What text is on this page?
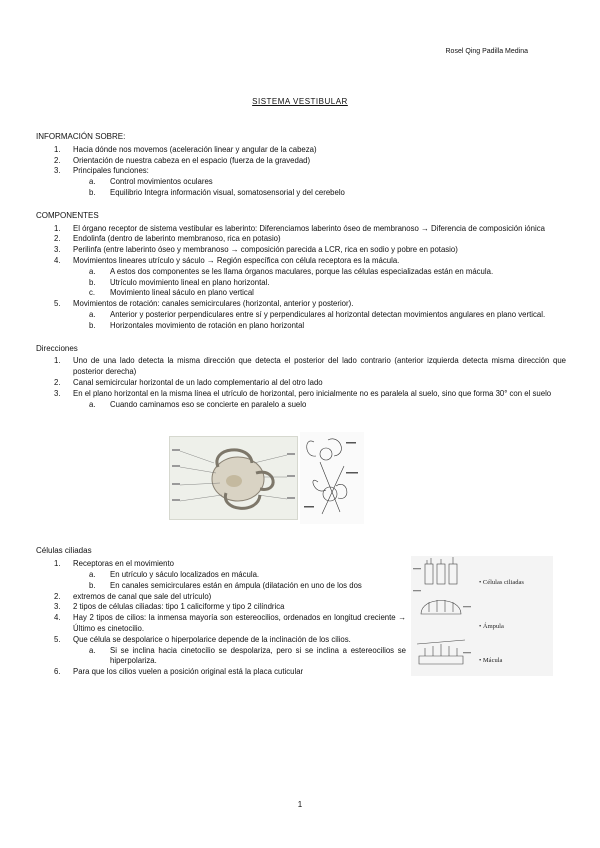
Rosel Qing Padilla Medina
SISTEMA VESTIBULAR
INFORMACIÓN SOBRE:
1. Hacia dónde nos movemos (aceleración linear y angular de la cabeza)
2. Orientación de nuestra cabeza en el espacio (fuerza de la gravedad)
3. Principales funciones:
a. Control movimientos oculares
b. Equilibrio Integra información visual, somatosensorial y del cerebelo
COMPONENTES
1. El órgano receptor de sistema vestibular es laberinto: Diferenciamos laberinto óseo de membranoso → Diferencia de composición iónica
2. Endolinfa (dentro de laberinto membranoso, rica en potasio)
3. Perilinfa (entre laberinto óseo y membranoso → composición parecida a LCR, rica en sodio y pobre en potasio)
4. Movimientos lineares utrículo y sáculo → Región específica con célula receptora es la mácula.
a. A estos dos componentes se les llama órganos maculares, porque las células especializadas están en mácula.
b. Utrículo movimiento lineal en plano horizontal.
c. Movimiento lineal sáculo en plano vertical
5. Movimientos de rotación: canales semicirculares (horizontal, anterior y posterior).
a. Anterior y posterior perpendiculares entre sí y perpendiculares al horizontal detectan movimientos angulares en plano vertical.
b. Horizontales movimiento de rotación en plano horizontal
Direcciones
1. Uno de una lado detecta la misma dirección que detecta el posterior del lado contrario (anterior izquierda detecta misma dirección que posterior derecha)
2. Canal semicircular horizontal de un lado complementario al del otro lado
3. En el plano horizontal en la misma línea el utrículo de horizontal, pero inicialmente no es paralela al suelo, sino que forma 30° con el suelo
a. Cuando caminamos eso se concierte en paralelo a suelo
Células ciliadas
1. Receptoras en el movimiento
a. En utrículo y sáculo localizados en mácula.
b. En canales semicirculares están en ámpula (dilatación en uno de los dos
2. extremos de canal que sale del utrículo)
3. 2 tipos de células ciliadas: tipo 1 caliciforme y tipo 2 cilíndrica
4. Hay 2 tipos de cilios: la inmensa mayoría son estereocilios, ordenados en longitud creciente → Último es cinetocilio.
5. Que célula se despolarice o hiperpolarice depende de la inclinación de los cilios.
a. Si se inclina hacia cinetocilio se despolariza, pero si se inclina a estereocilios se hiperpolariza.
6. Para que los cilios vuelen a posición original está la placa cuticular
• Células ciliadas
• Ámpula
• Mácula
1
